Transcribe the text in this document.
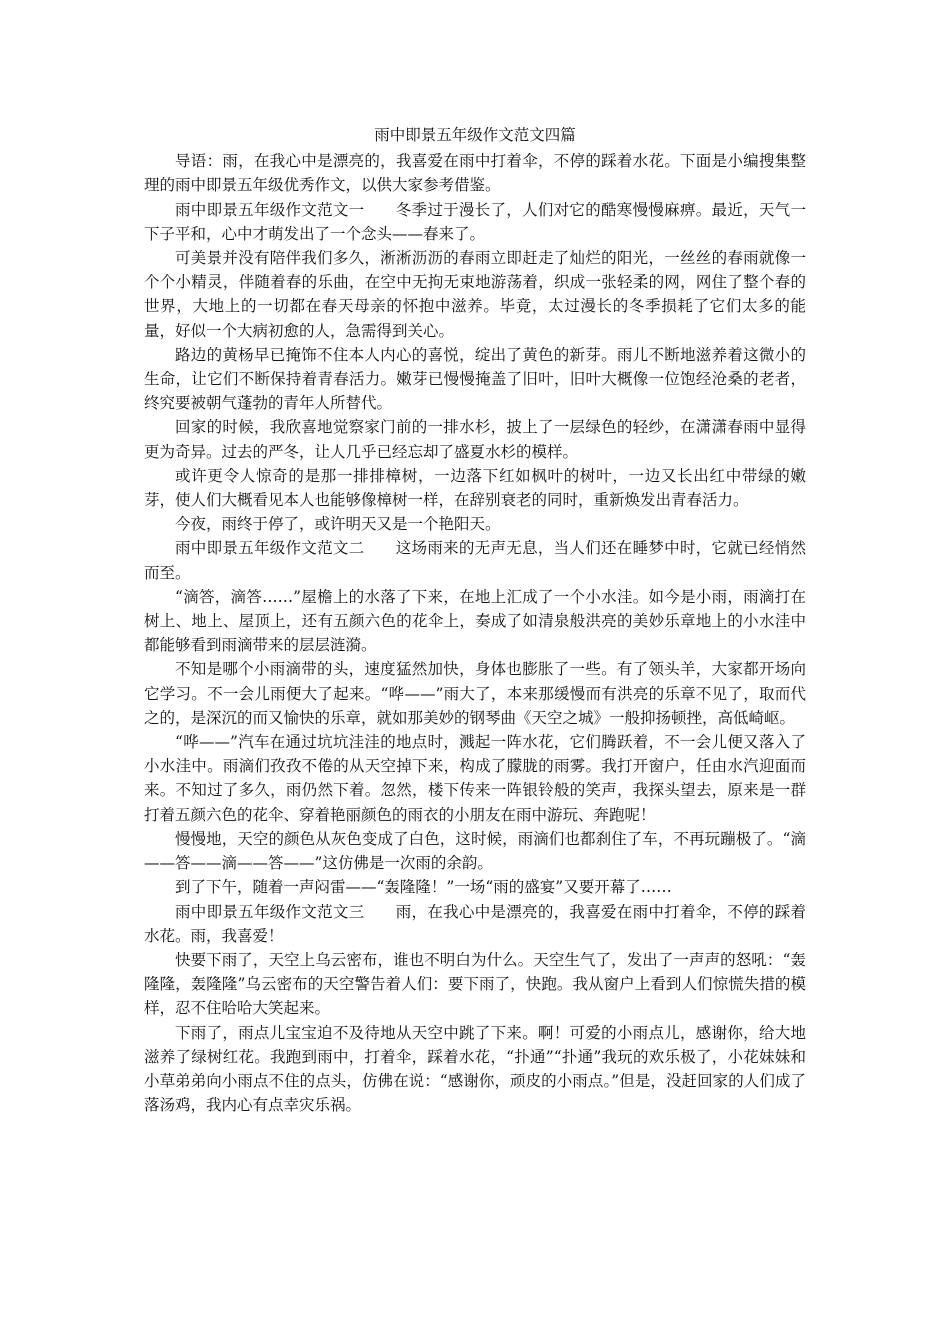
雨中即景五年级作文范文四篇

导语：雨，在我心中是漂亮的，我喜爱在雨中打着伞，不停的踩着水花。下面是小编搜集整理的雨中即景五年级优秀作文，以供大家参考借鉴。

雨中即景五年级作文范文一 冬季过于漫长了，人们对它的酷寒慢慢麻痹。最近，天气一下子平和，心中才萌发出了一个念头——春来了。

可美景并没有陪伴我们多久，淅淅沥沥的春雨立即赶走了灿烂的阳光，一丝丝的春雨就像一个个小精灵，伴随着春的乐曲，在空中无拘无束地游荡着，织成一张轻柔的网，网住了整个春的世界，大地上的一切都在春天母亲的怀抱中滋养。毕竟，太过漫长的冬季损耗了它们太多的能量，好似一个大病初愈的人，急需得到关心。

路边的黄杨早已掩饰不住本人内心的喜悦，绽出了黄色的新芽。雨儿不断地滋养着这微小的生命，让它们不断保持着青春活力。嫩芽已慢慢掩盖了旧叶，旧叶大概像一位饱经沧桑的老者，终究要被朝气蓬勃的青年人所替代。

回家的时候，我欣喜地觉察家门前的一排水杉，披上了一层绿色的轻纱，在潇潇春雨中显得更为奇异。过去的严冬，让人几乎已经忘却了盛夏水杉的模样。

或许更令人惊奇的是那一排排樟树，一边落下红如枫叶的树叶，一边又长出红中带绿的嫩芽，使人们大概看见本人也能够像樟树一样，在辞别衰老的同时，重新焕发出青春活力。

今夜，雨终于停了，或许明天又是一个艳阳天。

雨中即景五年级作文范文二 这场雨来的无声无息，当人们还在睡梦中时，它就已经悄然而至。

“滴答，滴答……”屋檐上的水落了下来，在地上汇成了一个小水洼。如今是小雨，雨滴打在树上、地上、屋顶上，还有五颜六色的花伞上，奏成了如清泉般洪亮的美妙乐章地上的小水洼中都能够看到雨滴带来的层层涟漪。

不知是哪个小雨滴带的头，速度猛然加快，身体也膨胀了一些。有了领头羊，大家都开场向它学习。不一会儿雨便大了起来。“哗——”雨大了，本来那缓慢而有洪亮的乐章不见了，取而代之的，是深沉的而又愉快的乐章，就如那美妙的钢琴曲《天空之城》一般抑扬顿挫，高低崎岖。

“哗——”汽车在通过坑坑洼洼的地点时，溅起一阵水花，它们腾跃着，不一会儿便又落入了小水洼中。雨滴们孜孜不倦的从天空掉下来，构成了朦胧的雨雾。我打开窗户，任由水汽迎面而来。不知过了多久，雨仍然下着。忽然，楼下传来一阵银铃般的笑声，我探头望去，原来是一群打着五颜六色的花伞、穿着艳丽颜色的雨衣的小朋友在雨中游玩、奔跑呢！

慢慢地，天空的颜色从灰色变成了白色，这时候，雨滴们也都刹住了车，不再玩蹦极了。“滴——答——滴——答——”这仿佛是一次雨的余韵。

到了下午，随着一声闷雷——“轰隆隆！”一场“雨的盛宴”又要开幕了……

雨中即景五年级作文范文三 雨，在我心中是漂亮的，我喜爱在雨中打着伞，不停的踩着水花。雨，我喜爱！

快要下雨了，天空上乌云密布，谁也不明白为什么。天空生气了，发出了一声声的怒吼：“轰隆隆，轰隆隆”乌云密布的天空警告着人们：要下雨了，快跑。我从窗户上看到人们惊慌失措的模样，忍不住哈哈大笑起来。

下雨了，雨点儿宝宝迫不及待地从天空中跳了下来。啊！可爱的小雨点儿，感谢你，给大地滋养了绿树红花。我跑到雨中，打着伞，踩着水花，“扑通”“扑通”我玩的欢乐极了，小花妹妹和小草弟弟向小雨点不住的点头，仿佛在说：“感谢你，顽皮的小雨点。”但是，没赶回家的人们成了落汤鸡，我内心有点幸灾乐祸。
